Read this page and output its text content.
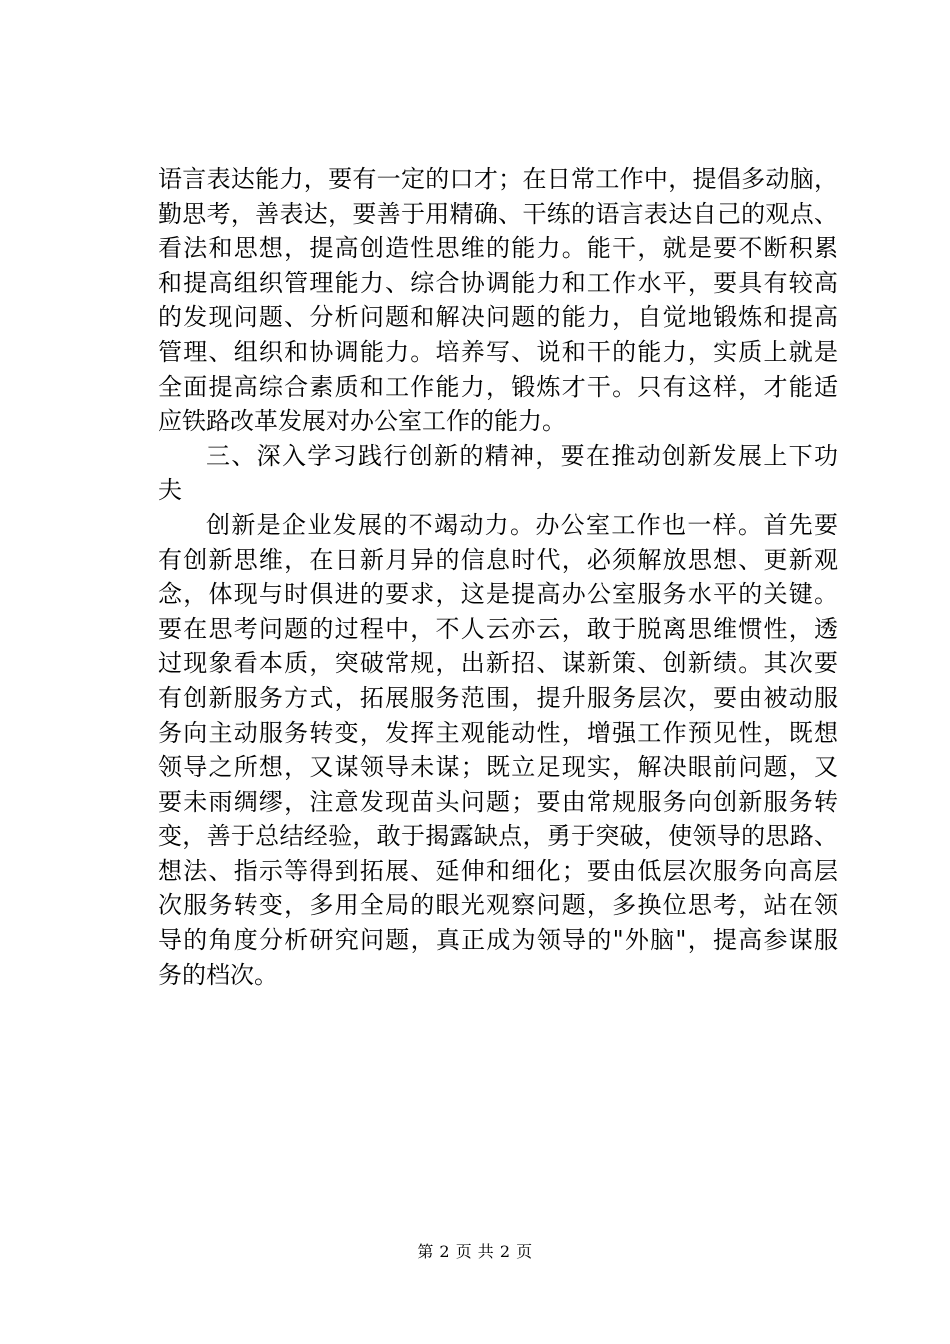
语言表达能力，要有一定的口才；在日常工作中，提倡多动脑，
勤思考，善表达，要善于用精确、干练的语言表达自己的观点、
看法和思想，提高创造性思维的能力。能干，就是要不断积累
和提高组织管理能力、综合协调能力和工作水平，要具有较高
的发现问题、分析问题和解决问题的能力，自觉地锻炼和提高
管理、组织和协调能力。培养写、说和干的能力，实质上就是
全面提高综合素质和工作能力，锻炼才干。只有这样，才能适
应铁路改革发展对办公室工作的能力。
三、深入学习践行创新的精神，要在推动创新发展上下功
夫
创新是企业发展的不竭动力。办公室工作也一样。首先要
有创新思维，在日新月异的信息时代，必须解放思想、更新观
念，体现与时俱进的要求，这是提高办公室服务水平的关键。
要在思考问题的过程中，不人云亦云，敢于脱离思维惯性，透
过现象看本质，突破常规，出新招、谋新策、创新绩。其次要
有创新服务方式，拓展服务范围，提升服务层次，要由被动服
务向主动服务转变，发挥主观能动性，增强工作预见性，既想
领导之所想，又谋领导未谋；既立足现实，解决眼前问题，又
要未雨绸缪，注意发现苗头问题；要由常规服务向创新服务转
变，善于总结经验，敢于揭露缺点，勇于突破，使领导的思路、
想法、指示等得到拓展、延伸和细化；要由低层次服务向高层
次服务转变，多用全局的眼光观察问题，多换位思考，站在领
导的角度分析研究问题，真正成为领导的"外脑"，提高参谋服
务的档次。
第 2 页 共 2 页
